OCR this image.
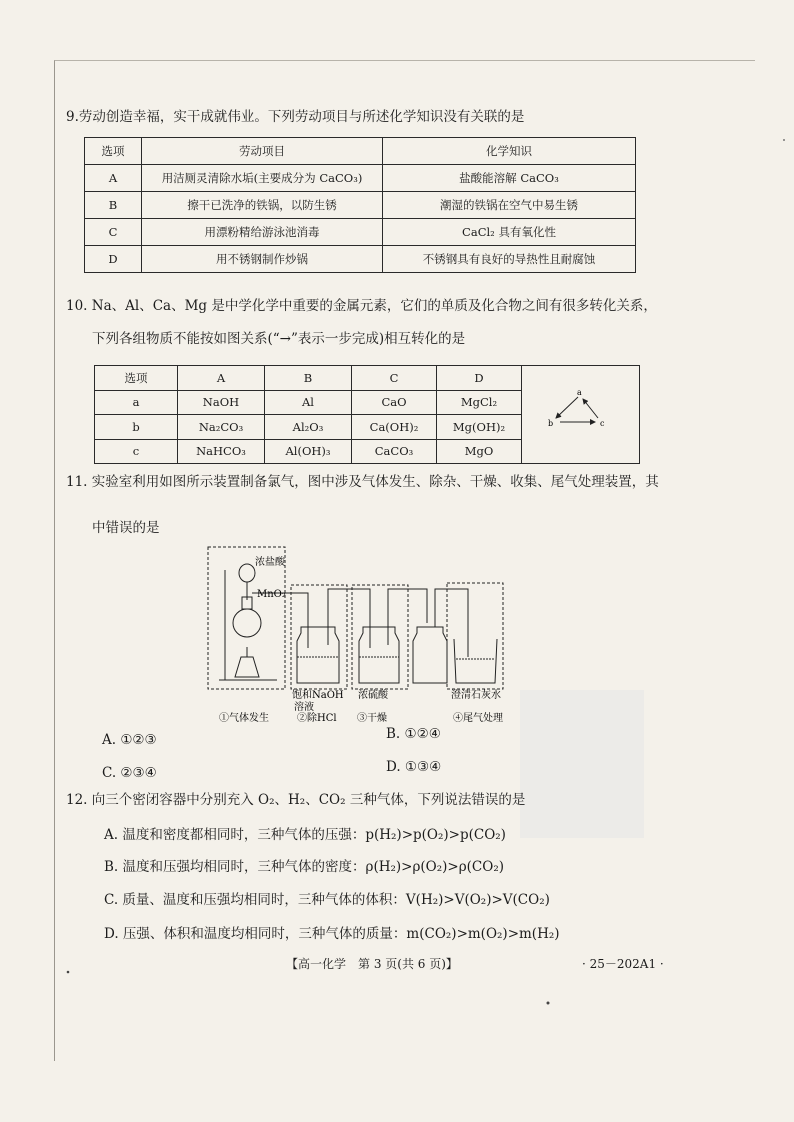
9.劳动创造幸福，实干成就伟业。下列劳动项目与所述化学知识没有关联的是
选项	劳动项目	化学知识
A	用洁厕灵清除水垢(主要成分为 CaCO₃)	盐酸能溶解 CaCO₃
B	擦干已洗净的铁锅，以防生锈	潮湿的铁锅在空气中易生锈
C	用漂粉精给游泳池消毒	CaCl₂ 具有氧化性
D	用不锈钢制作炒锅	不锈钢具有良好的导热性且耐腐蚀
10. Na、Al、Ca、Mg 是中学化学中重要的金属元素，它们的单质及化合物之间有很多转化关系，
下列各组物质不能按如图关系(“→”表示一步完成)相互转化的是
选项	A	B	C	D	
a	NaOH	Al	CaO	MgCl₂	
b	Na₂CO₃	Al₂O₃	Ca(OH)₂	Mg(OH)₂	
c	NaHCO₃	Al(OH)₃	CaCO₃	MgO	
a
b	c
11. 实验室利用如图所示装置制备氯气，图中涉及气体发生、除杂、干燥、收集、尾气处理装置，其
中错误的是
浓盐酸
MnO₂
饱和NaOH
溶液
浓硫酸	澄清石灰水
①气体发生	②除HCl ③干燥	④尾气处理
A. ①②③	B. ①②④
C. ②③④	D. ①③④
12. 向三个密闭容器中分别充入 O₂、H₂、CO₂ 三种气体，下列说法错误的是
A. 温度和密度都相同时，三种气体的压强：p(H₂)>p(O₂)>p(CO₂)
B. 温度和压强均相同时，三种气体的密度：ρ(H₂)>ρ(O₂)>ρ(CO₂)
C. 质量、温度和压强均相同时，三种气体的体积：V(H₂)>V(O₂)>V(CO₂)
D. 压强、体积和温度均相同时，三种气体的质量：m(CO₂)>m(O₂)>m(H₂)
【高一化学　第 3 页(共 6 页)】	· 25－202A1 ·
